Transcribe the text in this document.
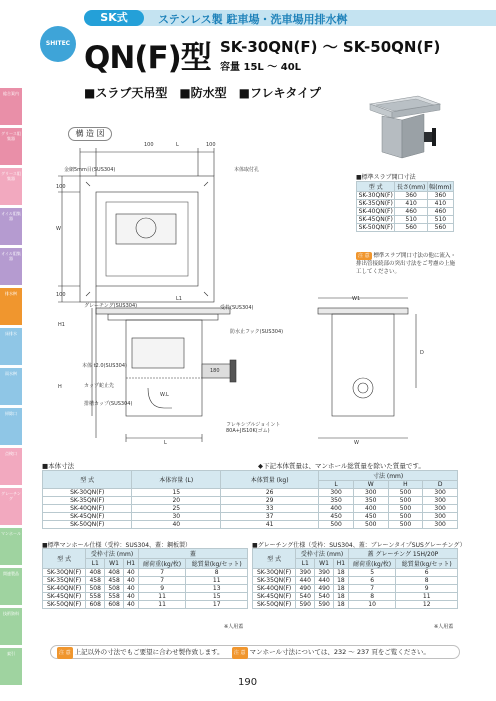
総合案内
グリース阻集器
グリース阻集器
オイル阻集器
オイル阻集器
排水桝
床排水
雨水桝
掃除口
点検口
グレーチング
マンホール
関連製品
技術資料
索引
SHITEC
SK式	ステンレス製 駐車場・洗車場用排水桝
QN(F)型 SK-30QN(F) ～ SK-50QN(F)
容量 15L ～ 40L
■スラブ天吊型　■防水型　■フレキタイプ
構 造 図
100	L	100
100
W
100
本体取付孔
金網5mm目(SUS304)
グレーチング(SUS304)	受枠(SUS304)
防水止フック(SUS304)
本体 t2.0(SUS304)
カップ蛇止先
排槽カップ(SUS304)
フレキシブルジョイント
80A+JIS10K(ゴム)
H1
H
L1	W1
W.L
D
180
L	W
■標準スラブ開口寸法
型 式	長さ(mm)	幅(mm)
SK-30QN(F)	360	360
SK-35QN(F)	410	410
SK-40QN(F)	460	460
SK-45QN(F)	510	510
SK-50QN(F)	560	560
注 意 標準スラブ開口寸法の他に流入・排出管接続部の突出寸法をご考慮の上施工してください。
■本体寸法	◆下記本体質量は、マンホール総質量を除いた質量です。
型 式	本体容量 (L)	本体質量 (kg)	寸法 (mm)			
			L	W	H	D
SK-30QN(F)	15	26	300	300	500	300
SK-35QN(F)	20	29	350	350	500	300
SK-40QN(F)	25	33	400	400	500	300
SK-45QN(F)	30	37	450	450	500	300
SK-50QN(F)	40	41	500	500	500	300
■標準マンホール仕様（受枠：SUS304、蓋：鋼板製）
型 式	受枠寸法 (mm)			蓋	
	L1	W1	H1	耐荷重(kg/枚)	総質量(kg/セット)
SK-30QN(F)	408	408	40	7	8
SK-35QN(F)	458	458	40	7	11
SK-40QN(F)	508	508	40	9	13
SK-45QN(F)	558	558	40	11	15
SK-50QN(F)	608	608	40	11	17
※人用蓋
■グレーチング仕様（受枠：SUS304、蓋：ブレーンタイプSUSグレーチング）
型 式	受枠寸法 (mm)			蓋 グレーチング 15H/20P	
	L1	W1	H1	耐荷重(kg/枚)	総質量(kg/セット)
SK-30QN(F)	390	390	18	5	6
SK-35QN(F)	440	440	18	6	8
SK-40QN(F)	490	490	18	7	9
SK-45QN(F)	540	540	18	8	11
SK-50QN(F)	590	590	18	10	12
※人用蓋
注 意 上記以外の寸法でもご要望に合わせ製作致します。 注 意 マンホール寸法については、232 ～ 237 頁をご覧ください。
190
